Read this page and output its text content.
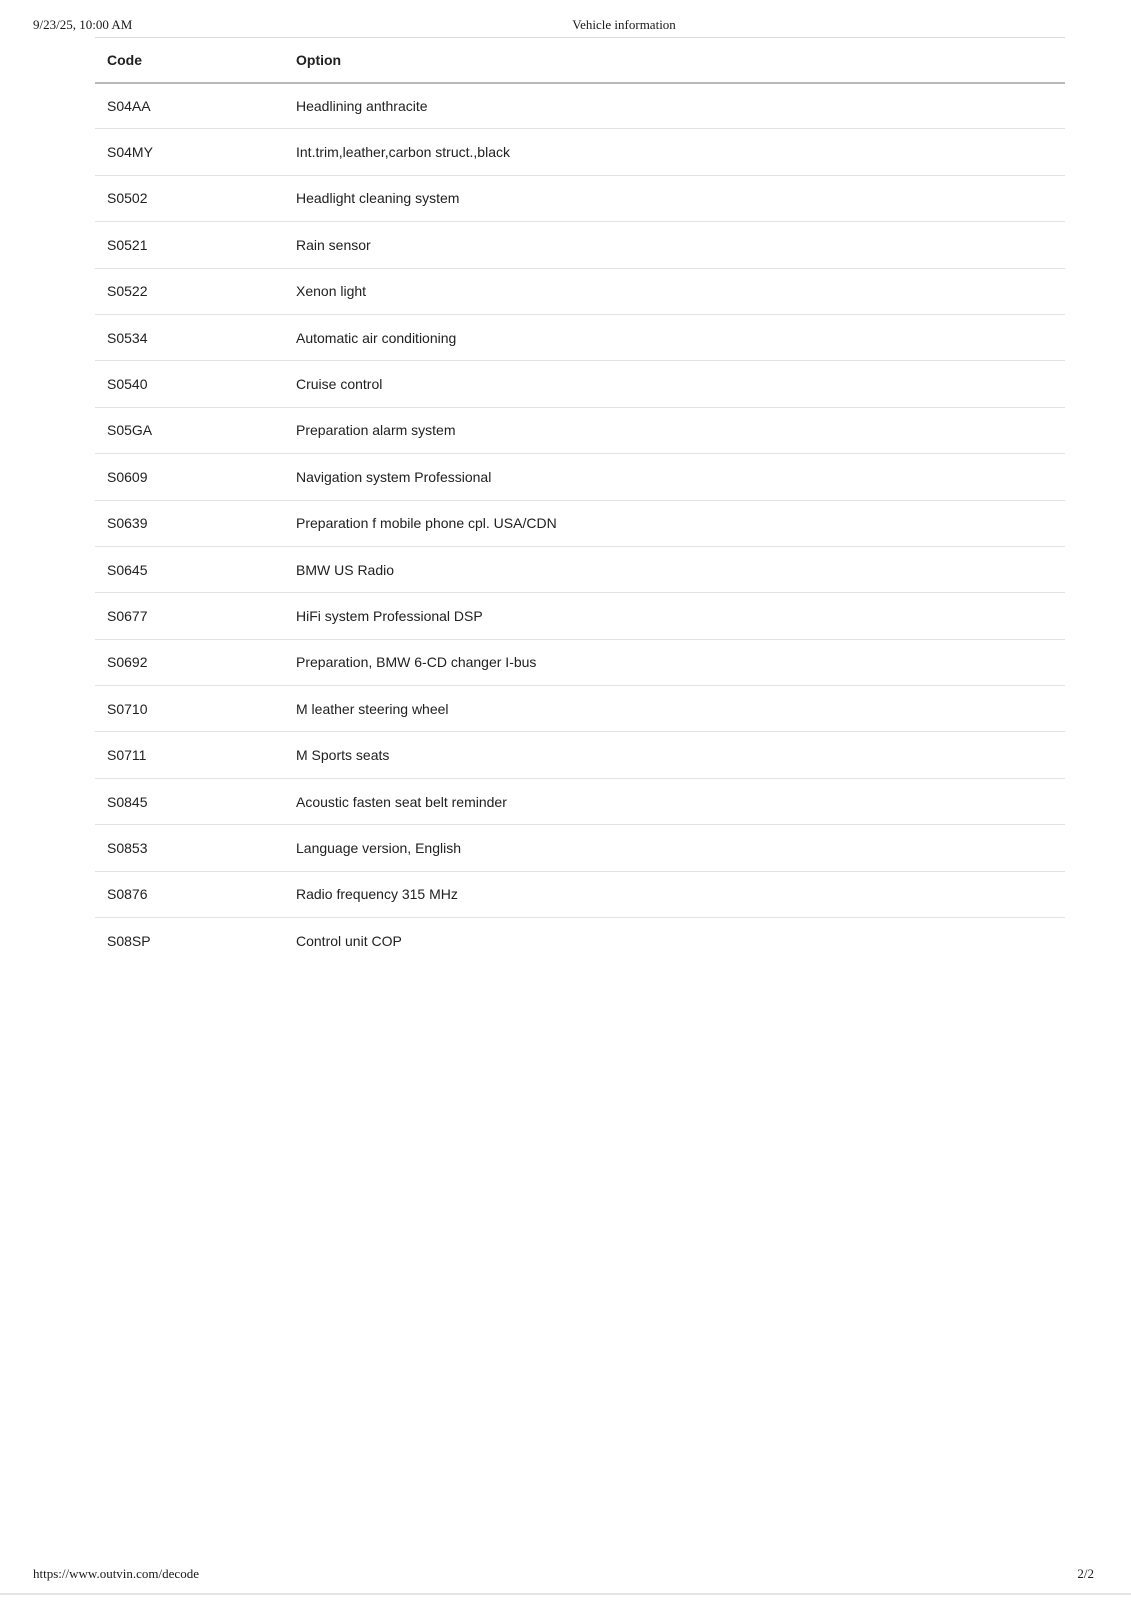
9/23/25, 10:00 AM	Vehicle information
Code	Option
S04AA	Headlining anthracite
S04MY	Int.trim,leather,carbon struct.,black
S0502	Headlight cleaning system
S0521	Rain sensor
S0522	Xenon light
S0534	Automatic air conditioning
S0540	Cruise control
S05GA	Preparation alarm system
S0609	Navigation system Professional
S0639	Preparation f mobile phone cpl. USA/CDN
S0645	BMW US Radio
S0677	HiFi system Professional DSP
S0692	Preparation, BMW 6-CD changer I-bus
S0710	M leather steering wheel
S0711	M Sports seats
S0845	Acoustic fasten seat belt reminder
S0853	Language version, English
S0876	Radio frequency 315 MHz
S08SP	Control unit COP
https://www.outvin.com/decode	2/2
